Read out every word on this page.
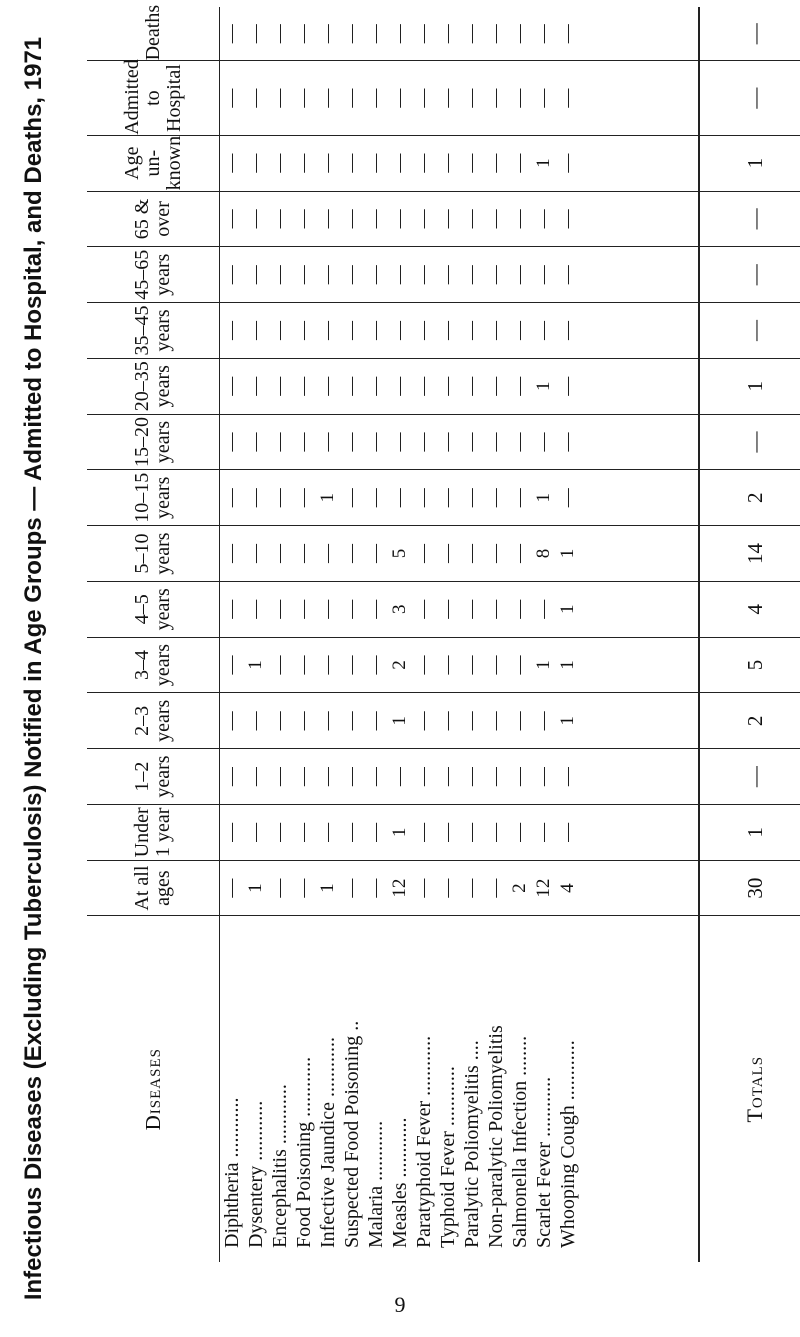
Infectious Diseases (Excluding Tuberculosis) Notified in Age Groups — Admitted to Hospital, and Deaths, 1971	Diseases	At all ages	Under 1 year	1–2 years	2–3 years	3–4 years	4–5 years	5–10 years	10–15 years	15–20 years	20–35 years	35–45 years	45–65 years	65 & over	Age un-known	Admitted to Hospital	Deaths
Diphtheria ............	—	—	—	—	—	—	—	—	—	—	—	—	—	—	—	—
Dysentery ............	1	—	—	—	1	—	—	—	—	—	—	—	—	—	—	—
Encephalitis ............	—	—	—	—	—	—	—	—	—	—	—	—	—	—	—	—
Food Poisoning ............	—	—	—	—	—	—	—	—	—	—	—	—	—	—	—	—
Infective Jaundice ............	1	—	—	—	—	—	—	1	—	—	—	—	—	—	—	—
Suspected Food Poisoning ..	—	—	—	—	—	—	—	—	—	—	—	—	—	—	—	—
Malaria ............	—	—	—	—	—	—	—	—	—	—	—	—	—	—	—	—
Measles ............	12	1	—	1	2	3	5	—	—	—	—	—	—	—	—	—
Paratyphoid Fever ............	—	—	—	—	—	—	—	—	—	—	—	—	—	—	—	—
Typhoid Fever ............	—	—	—	—	—	—	—	—	—	—	—	—	—	—	—	—
Paralytic Poliomyelitis ....	—	—	—	—	—	—	—	—	—	—	—	—	—	—	—	—
Non-paralytic Poliomyelitis	—	—	—	—	—	—	—	—	—	—	—	—	—	—	—	—
Salmonella Infection ........	2	—	—	—	—	—	—	—	—	—	—	—	—	—	—	—
Scarlet Fever ............	12	—	—	—	1	—	8	1	—	1	—	—	—	1	—	—
Whooping Cough ............	4	—	—	1	1	1	1	—	—	—	—	—	—	—	—	—

Totals	30	1	—	2	5	4	14	2	—	1	—	—	—	1	—	—
9
